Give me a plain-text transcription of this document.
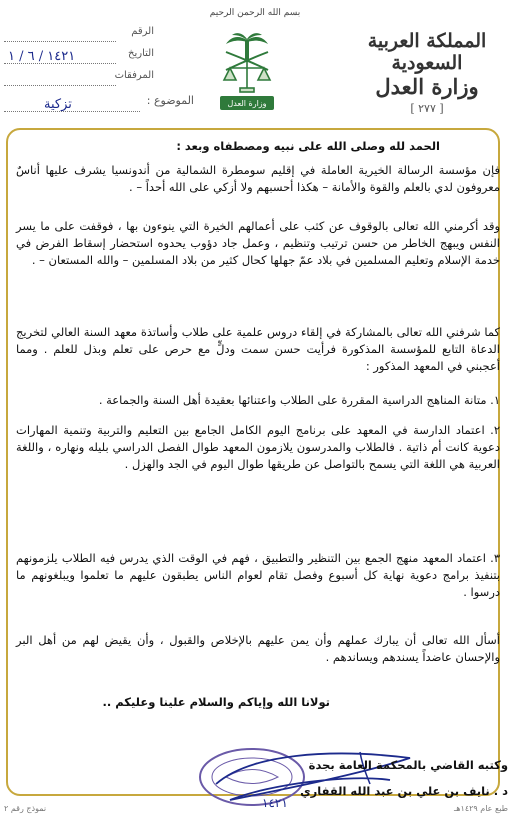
بسم الله الرحمن الرحيم
المملكة العربية السعودية
وزارة العدل
[ ٢٧٧ ]
وزارة العدل
الرقم
التاريخ
١٤٢١ / ٦ / ١
المرفقات
الموضوع :
تزكية

الحمد لله وصلى الله على نبيه ومصطفاه وبعد :

فإن مؤسسة الرسالة الخيرية العاملة في إقليم سومطرة الشمالية من أندونسيا يشرف عليها أناسٌ معروفون لدي بالعلم والقوة والأمانة – هكذا أحسبهم ولا أزكي على الله أحداً – .

وقد أكرمني الله تعالى بالوقوف عن كثب على أعمالهم الخيرة التي ينوءون بها ، فوقفت على ما يسر النفس ويبهج الخاطر من حسن ترتيب وتنظيم ، وعمل جاد دؤوب يحدوه استحضار إسقاط الفرض في خدمة الإسلام وتعليم المسلمين في بلاد عمّ جهلها كحال كثير من بلاد المسلمين – والله المستعان – .

كما شرفني الله تعالى بالمشاركة في إلقاء دروس علمية على طلاب وأساتذة معهد السنة العالي لتخريج الدعاة التابع للمؤسسة المذكورة فرأيت حسن سمت ودلٍّ مع حرص على تعلم وبذل للعلم . ومما أعجبني في المعهد المذكور :

١. متانة المناهج الدراسية المقررة على الطلاب واعتنائها بعقيدة أهل السنة والجماعة .

٢. اعتماد الدارسة في المعهد على برنامج اليوم الكامل الجامع بين التعليم والتربية وتنمية المهارات دعوية كانت أم ذاتية . فالطلاب والمدرسون يلازمون المعهد طوال الفصل الدراسي بليله ونهاره ، واللغة العربية هي اللغة التي يسمح بالتواصل عن طريقها طوال اليوم في الجد والهزل .

٣. اعتماد المعهد منهج الجمع بين التنظير والتطبيق ، فهم في الوقت الذي يدرس فيه الطلاب يلزمونهم بتنفيذ برامج دعوية نهاية كل أسبوع وفصل تقام لعوام الناس يطبقون عليهم ما تعلموا ويبلغونهم ما درسوا .

أسأل الله تعالى أن يبارك عملهم وأن يمن عليهم بالإخلاص والقبول ، وأن يقيض لهم من أهل البر والإحسان عاضداً يسندهم ويساندهم .

تولانا الله وإياكم والسلام علينا وعليكم ..

وكتبه القاضي بالمحكمة العامة بجدة
د . نايف بن علي بن عبد الله القفاري
١٤٢١	طبع عام ١٤٢٩هـ
نموذج رقم ٢
